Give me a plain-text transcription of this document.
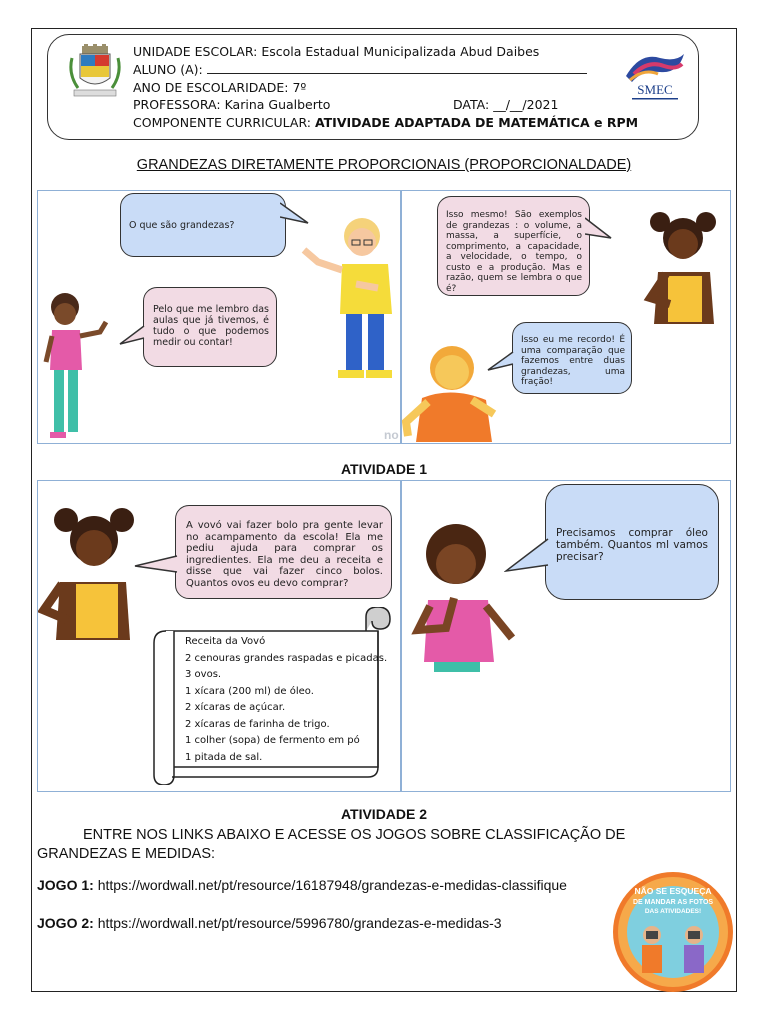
UNIDADE ESCOLAR: Escola Estadual Municipalizada Abud Daibes
ALUNO (A):
ANO DE ESCOLARIDADE: 7º
PROFESSORA: Karina Gualberto	DATA: __/__/2021
COMPONENTE CURRICULAR: ATIVIDADE ADAPTADA DE MATEMÁTICA e RPM
SMEC
GRANDEZAS DIRETAMENTE PROPORCIONAIS (PROPORCIONALDADE)
O que são grandezas?
Pelo que me lembro das aulas que já tivemos, é tudo o que podemos medir ou contar!
no
Isso mesmo! São exemplos de grandezas : o volume, a massa, a superfície, o comprimento, a capacidade, a velocidade, o tempo, o custo e a produção. Mas e razão, quem se lembra o que é?
Isso eu me recordo! É uma comparação que fazemos entre duas grandezas, uma fração!
ATIVIDADE 1
A vovó vai fazer bolo pra gente levar no acampamento da escola! Ela me pediu ajuda para comprar os ingredientes. Ela me deu a receita e disse que vai fazer cinco bolos. Quantos ovos eu devo comprar?
Receita da Vovó
2 cenouras grandes raspadas e picadas.
3 ovos.
1 xícara (200 ml) de óleo.
2 xícaras de açúcar.
2 xícaras de farinha de trigo.
1 colher (sopa) de fermento em pó
1 pitada de sal.
Precisamos comprar óleo também. Quantos ml vamos precisar?
ATIVIDADE 2
ENTRE NOS LINKS ABAIXO E ACESSE OS JOGOS SOBRE CLASSIFICAÇÃO DE GRANDEZAS E MEDIDAS:
JOGO 1: https://wordwall.net/pt/resource/16187948/grandezas-e-medidas-classifique
JOGO 2: https://wordwall.net/pt/resource/5996780/grandezas-e-medidas-3
NÃO SE ESQUEÇA
DE MANDAR AS FOTOS
DAS ATIVIDADES!
